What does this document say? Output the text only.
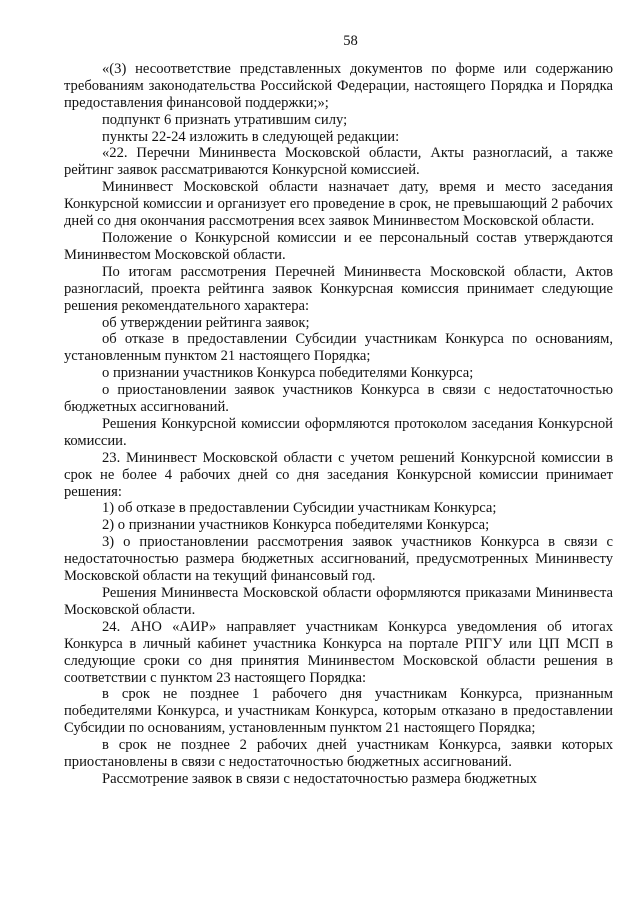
58

«(3) несоответствие представленных документов по форме или содержанию требованиям законодательства Российской Федерации, настоящего Порядка и Порядка предоставления финансовой поддержки;»;

подпункт 6 признать утратившим силу;

пункты 22-24 изложить в следующей редакции:

«22. Перечни Мининвеста Московской области, Акты разногласий, а также рейтинг заявок рассматриваются Конкурсной комиссией.

Мининвест Московской области назначает дату, время и место заседания Конкурсной комиссии и организует его проведение в срок, не превышающий 2 рабочих дней со дня окончания рассмотрения всех заявок Мининвестом Московской области.

Положение о Конкурсной комиссии и ее персональный состав утверждаются Мининвестом Московской области.

По итогам рассмотрения Перечней Мининвеста Московской области, Актов разногласий, проекта рейтинга заявок Конкурсная комиссия принимает следующие решения рекомендательного характера:

об утверждении рейтинга заявок;

об отказе в предоставлении Субсидии участникам Конкурса по основаниям, установленным пунктом 21 настоящего Порядка;

о признании участников Конкурса победителями Конкурса;

о приостановлении заявок участников Конкурса в связи с недостаточностью бюджетных ассигнований.

Решения Конкурсной комиссии оформляются протоколом заседания Конкурсной комиссии.

23. Мининвест Московской области с учетом решений Конкурсной комиссии в срок не более 4 рабочих дней со дня заседания Конкурсной комиссии принимает решения:

1) об отказе в предоставлении Субсидии участникам Конкурса;

2) о признании участников Конкурса победителями Конкурса;

3) о приостановлении рассмотрения заявок участников Конкурса в связи с недостаточностью размера бюджетных ассигнований, предусмотренных Мининвесту Московской области на текущий финансовый год.

Решения Мининвеста Московской области оформляются приказами Мининвеста Московской области.

24. АНО «АИР» направляет участникам Конкурса уведомления об итогах Конкурса в личный кабинет участника Конкурса на портале РПГУ или ЦП МСП в следующие сроки со дня принятия Мининвестом Московской области решения в соответствии с пунктом 23 настоящего Порядка:

в срок не позднее 1 рабочего дня участникам Конкурса, признанным победителями Конкурса, и участникам Конкурса, которым отказано в предоставлении Субсидии по основаниям, установленным пунктом 21 настоящего Порядка;

в срок не позднее 2 рабочих дней участникам Конкурса, заявки которых приостановлены в связи с недостаточностью бюджетных ассигнований.

Рассмотрение заявок в связи с недостаточностью размера бюджетных
